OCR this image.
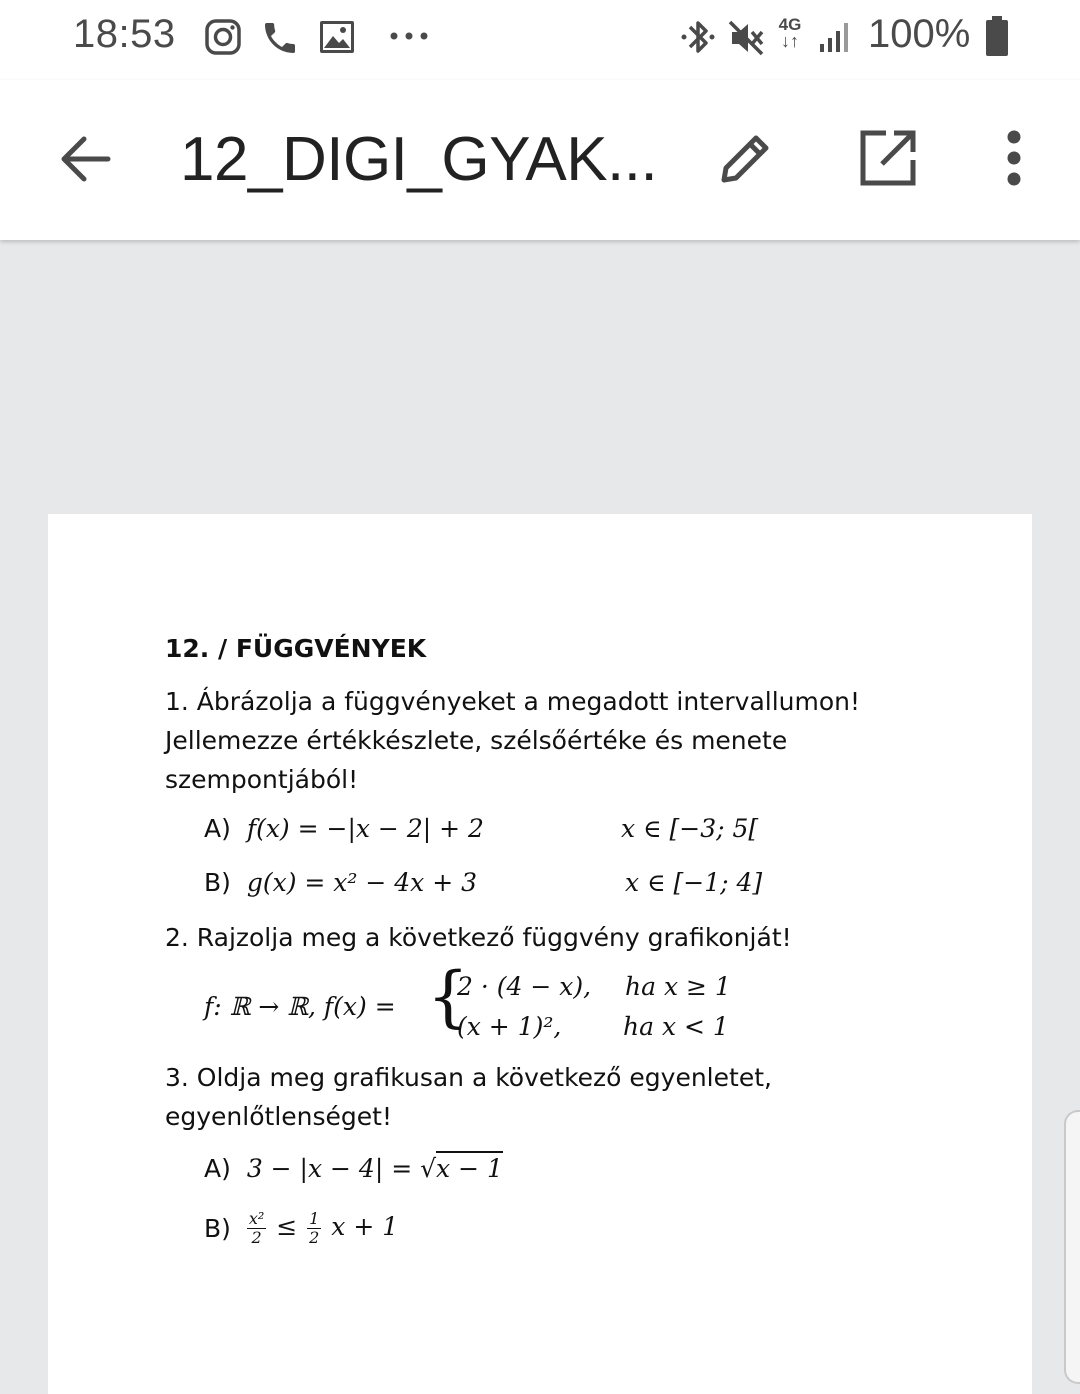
18:53	4G
↓↑ 100%
12_DIGI_GYAK...
12. / FÜGGVÉNYEK
1. Ábrázolja a függvényeket a megadott intervallumon! Jellemezze értékkészlete, szélsőértéke és menete szempontjából!
A) f(x) = −|x − 2| + 2	x ∈ [−3; 5[
B) g(x) = x² − 4x + 3	x ∈ [−1; 4]
2. Rajzolja meg a következő függvény grafikonját!
f: ℝ → ℝ, f(x) = {
2 · (4 − x), ha x ≥ 1
(x + 1)², ha x < 1
3. Oldja meg grafikusan a következő egyenletet, egyenlőtlenséget!
A) 3 − |x − 4| = √x − 1
$B) \frac{\text{x²}}{2} \le \frac{1}{2}$ x + 1
